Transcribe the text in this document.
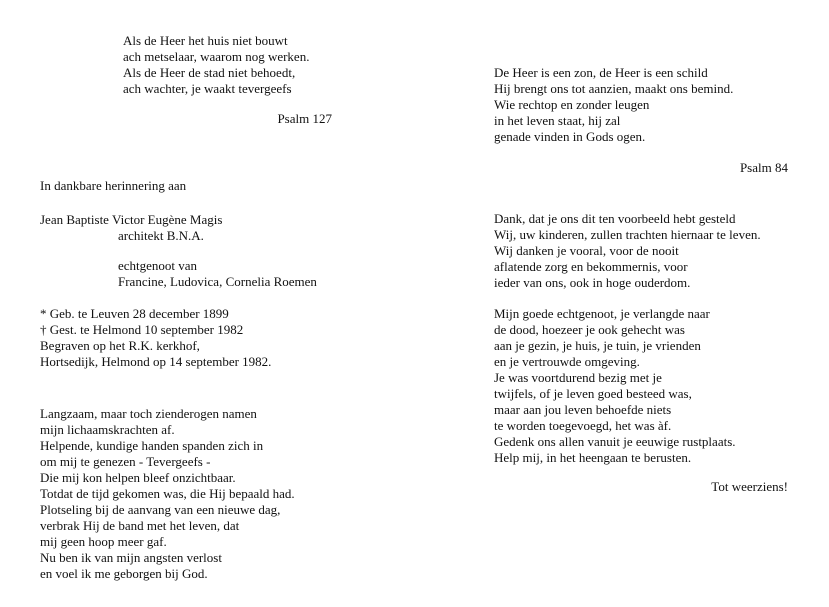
Als de Heer het huis niet bouwt
ach metselaar, waarom nog werken.
Als de Heer de stad niet behoedt,
ach wachter, je waakt tevergeefs
Psalm 127
In dankbare herinnering aan
Jean Baptiste Victor Eugène Magis
architekt B.N.A.
echtgenoot van
Francine, Ludovica, Cornelia Roemen
* Geb. te Leuven 28 december 1899
† Gest. te Helmond 10 september 1982
Begraven op het R.K. kerkhof,
Hortsedijk, Helmond op 14 september 1982.
Langzaam, maar toch zienderogen namen
mijn lichaamskrachten af.
Helpende, kundige handen spanden zich in
om mij te genezen - Tevergeefs -
Die mij kon helpen bleef onzichtbaar.
Totdat de tijd gekomen was, die Hij bepaald had.
Plotseling bij de aanvang van een nieuwe dag,
verbrak Hij de band met het leven, dat
mij geen hoop meer gaf.
Nu ben ik van mijn angsten verlost
en voel ik me geborgen bij God.
De Heer is een zon, de Heer is een schild
Hij brengt ons tot aanzien, maakt ons bemind.
Wie rechtop en zonder leugen
in het leven staat, hij zal
genade vinden in Gods ogen.
Psalm 84
Dank, dat je ons dit ten voorbeeld hebt gesteld
Wij, uw kinderen, zullen trachten hiernaar te leven.
Wij danken je vooral, voor de nooit
aflatende zorg en bekommernis, voor
ieder van ons, ook in hoge ouderdom.
Mijn goede echtgenoot, je verlangde naar
de dood, hoezeer je ook gehecht was
aan je gezin, je huis, je tuin, je vrienden
en je vertrouwde omgeving.
Je was voortdurend bezig met je
twijfels, of je leven goed besteed was,
maar aan jou leven behoefde niets
te worden toegevoegd, het was àf.
Gedenk ons allen vanuit je eeuwige rustplaats.
Help mij, in het heengaan te berusten.
Tot weerziens!
